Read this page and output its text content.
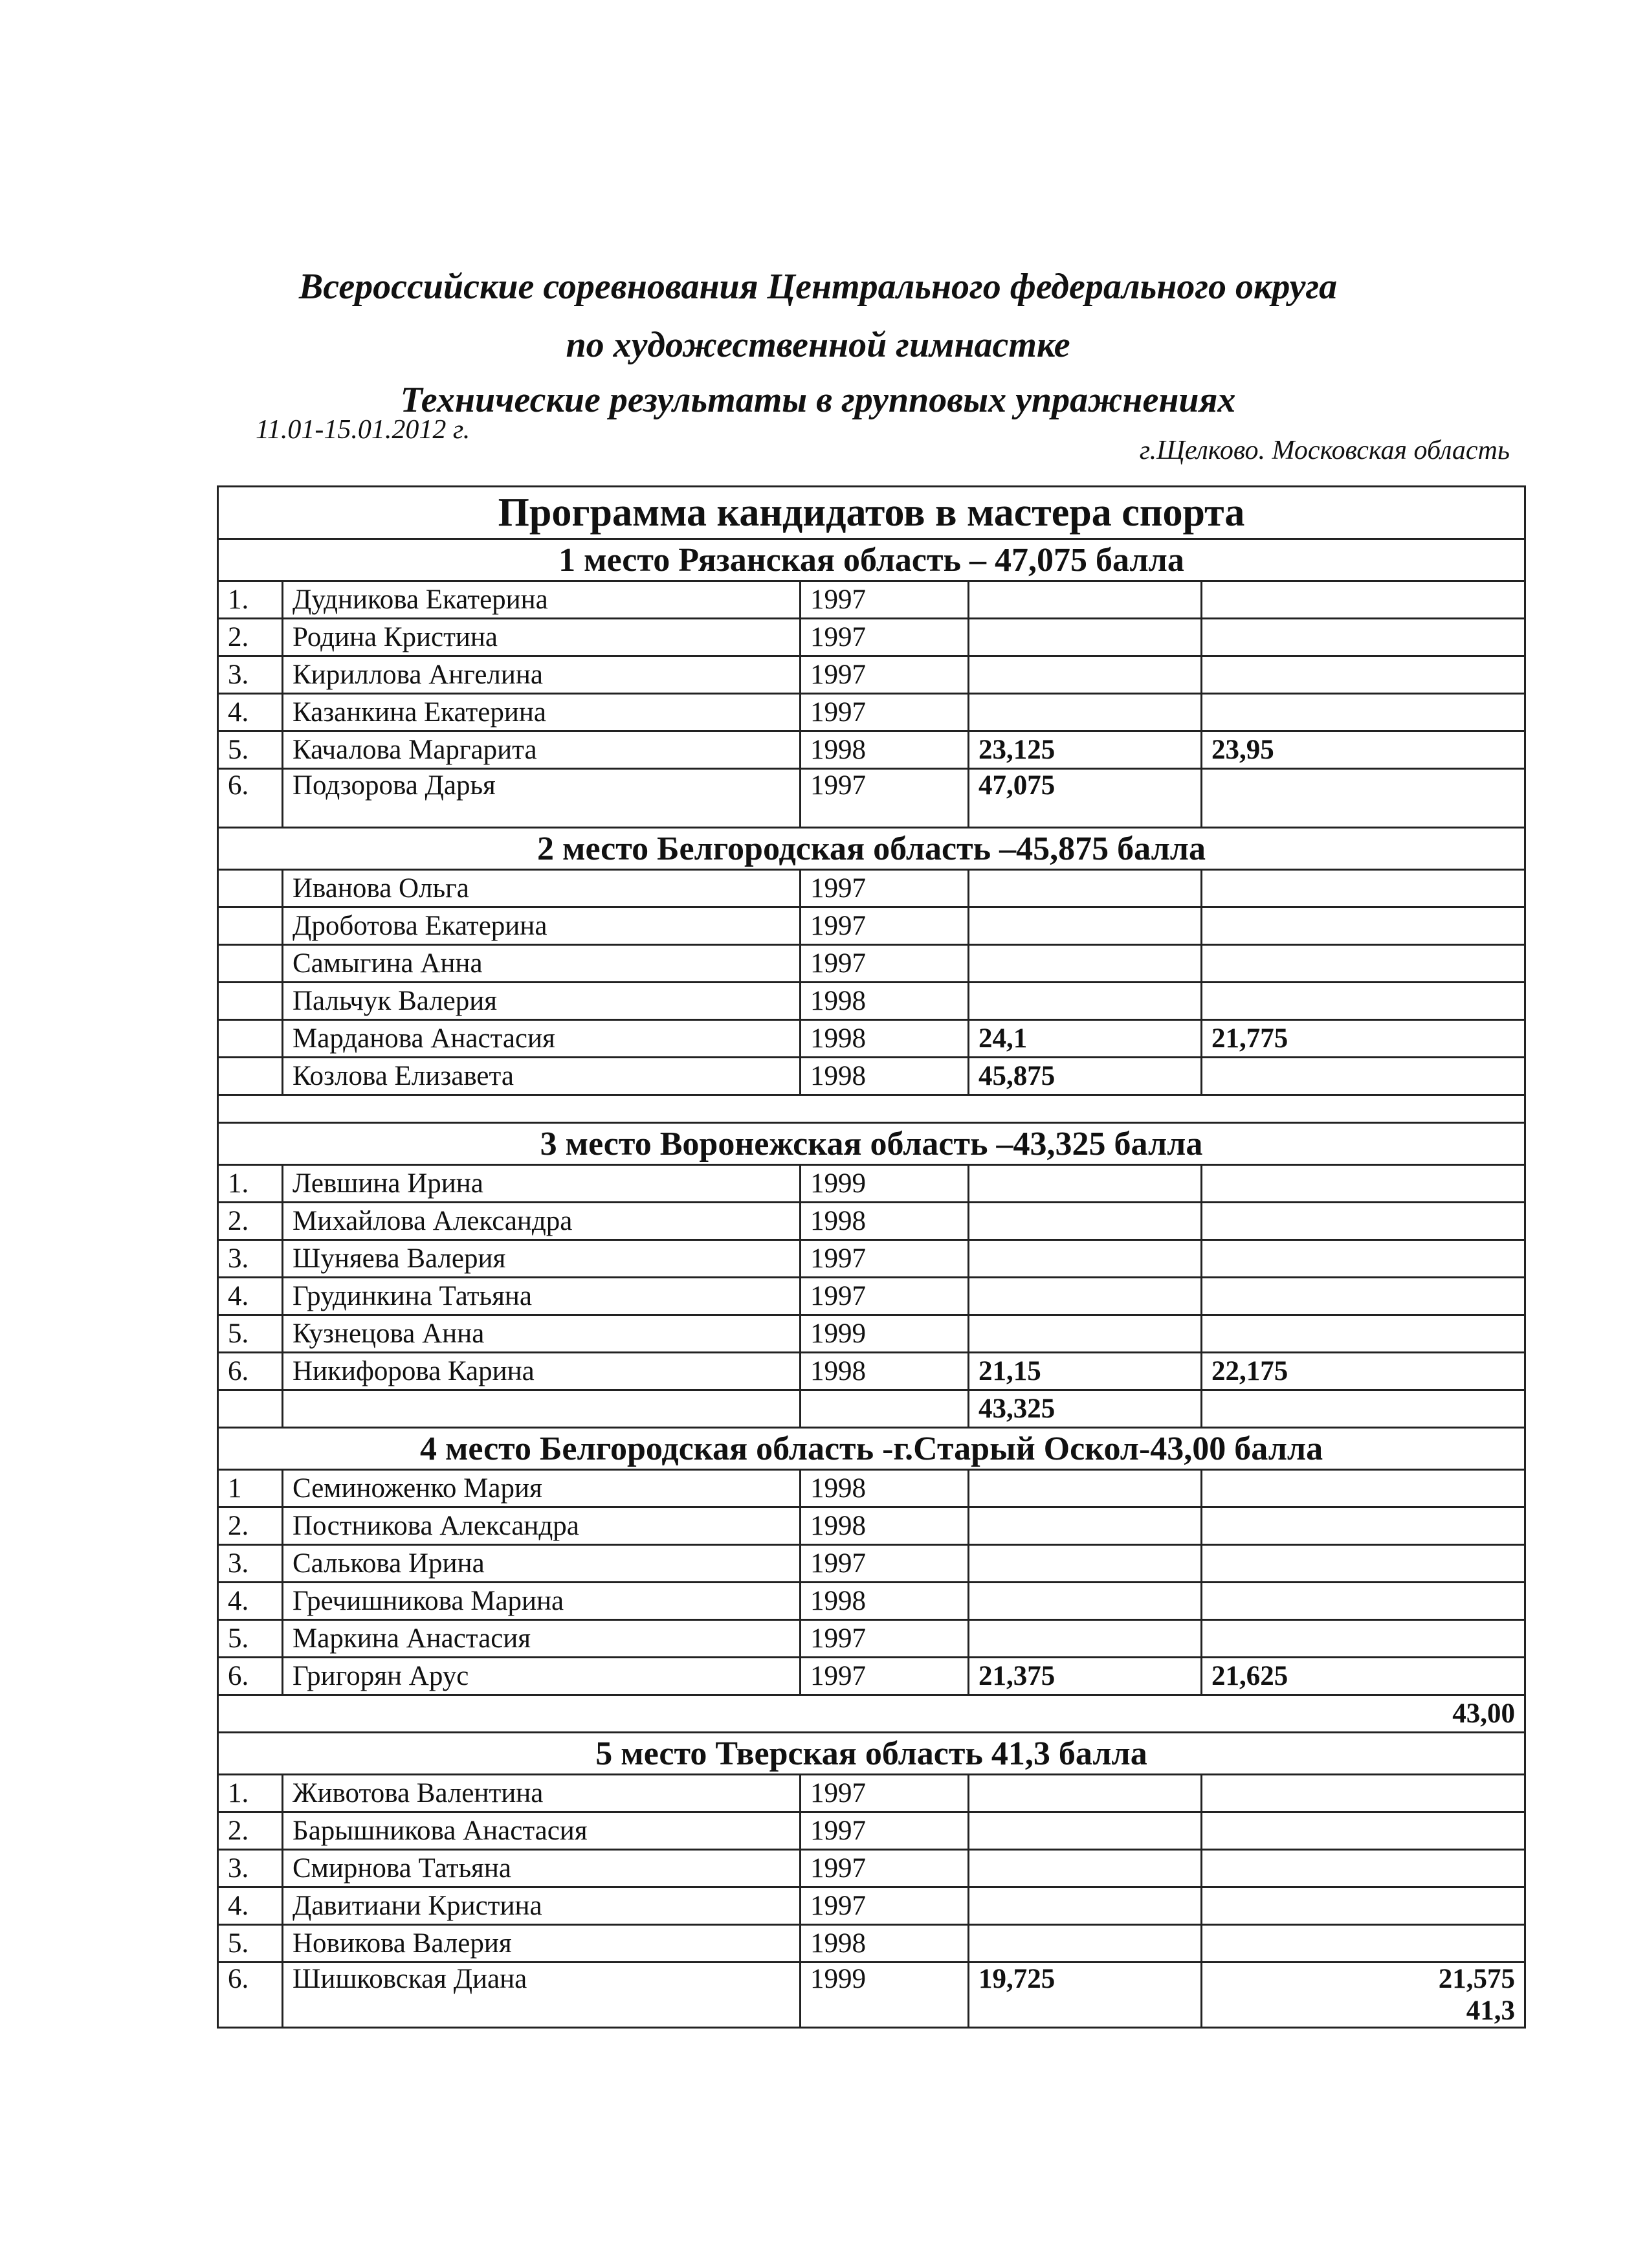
Всероссийские соревнования Центрального федерального округа
по художественной гимнастке
Технические результаты в групповых упражнениях
11.01-15.01.2012 г.
г.Щелково. Московская область
Программа кандидатов в мастера спорта				
1 место Рязанская область – 47,075 балла				
1.	Дудникова Екатерина	1997		
2.	Родина Кристина	1997		
3.	Кириллова Ангелина	1997		
4.	Казанкина Екатерина	1997		
5.	Качалова Маргарита	1998	23,125	23,95
6.	Подзорова Дарья	1997	47,075	
2 место Белгородская область –45,875 балла				
	Иванова Ольга	1997		
	Дроботова Екатерина	1997		
	Самыгина Анна	1997		
	Пальчук Валерия	1998		
	Марданова Анастасия	1998	24,1	21,775
	Козлова Елизавета	1998	45,875	

3 место Воронежская область –43,325 балла				
1.	Левшина Ирина	1999		
2.	Михайлова Александра	1998		
3.	Шуняева Валерия	1997		
4.	Грудинкина Татьяна	1997		
5.	Кузнецова Анна	1999		
6.	Никифорова Карина	1998	21,15	22,175
			43,325	
4 место Белгородская область -г.Старый Оскол-43,00 балла				
1	Семиноженко Мария	1998		
2.	Постникова Александра	1998		
3.	Салькова Ирина	1997		
4.	Гречишникова Марина	1998		
5.	Маркина Анастасия	1997		
6.	Григорян Арус	1997	21,375	21,625
43,00				
5 место Тверская область 41,3 балла				
1.	Животова Валентина	1997		
2.	Барышникова Анастасия	1997		
3.	Смирнова Татьяна	1997		
4.	Давитиани Кристина	1997		
5.	Новикова Валерия	1998		
6.	Шишковская Диана	1999	19,725	21,575
41,3
